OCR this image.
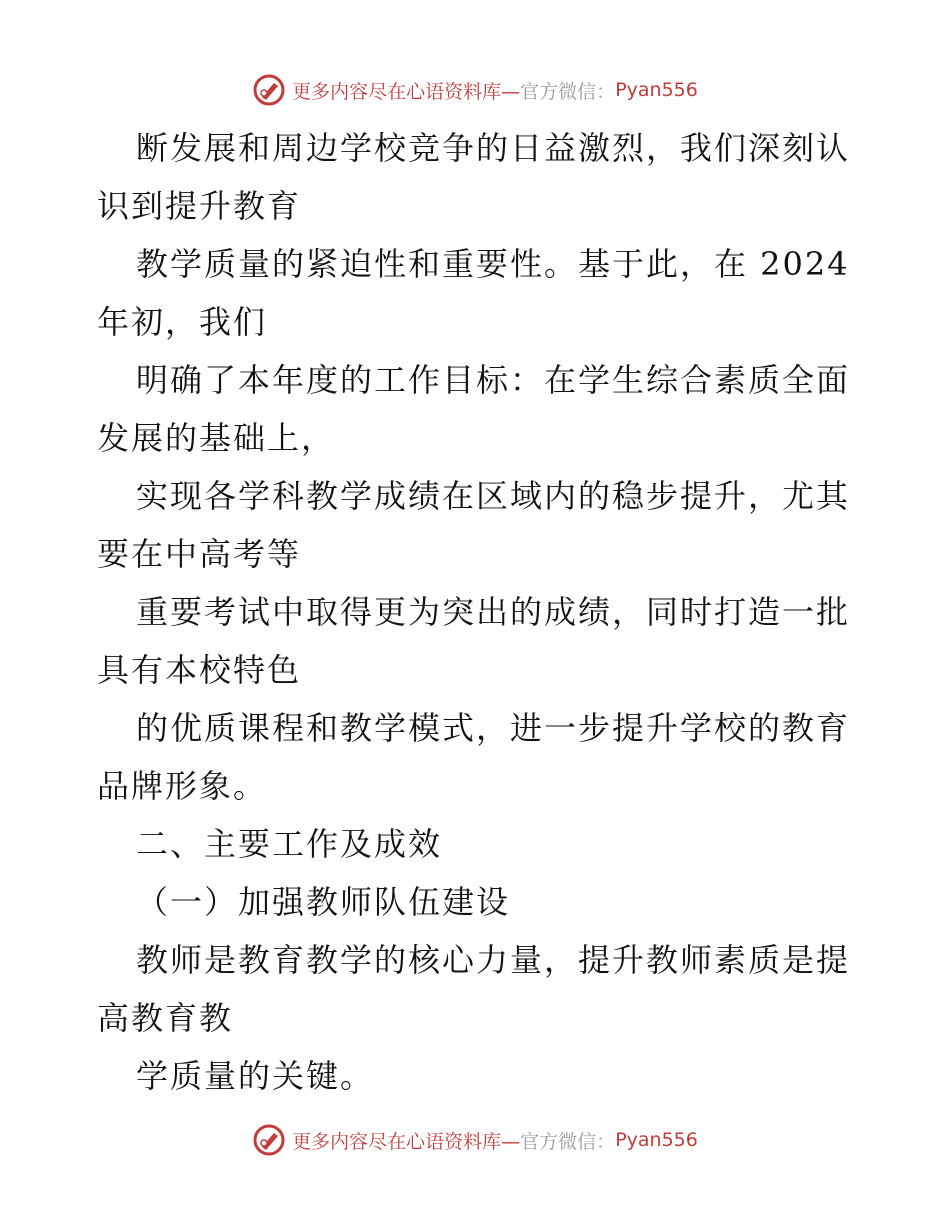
更多内容尽在心语资料库— 官方微信： Pyan556
断发展和周边学校竞争的日益激烈，我们深刻认
识到提升教育
教学质量的紧迫性和重要性。基于此，在 2024
年初，我们
明确了本年度的工作目标：在学生综合素质全面
发展的基础上，
实现各学科教学成绩在区域内的稳步提升，尤其
要在中高考等
重要考试中取得更为突出的成绩，同时打造一批
具有本校特色
的优质课程和教学模式，进一步提升学校的教育
品牌形象。
二、主要工作及成效
（一）加强教师队伍建设
教师是教育教学的核心力量，提升教师素质是提
高教育教
学质量的关键。
更多内容尽在心语资料库— 官方微信： Pyan556
